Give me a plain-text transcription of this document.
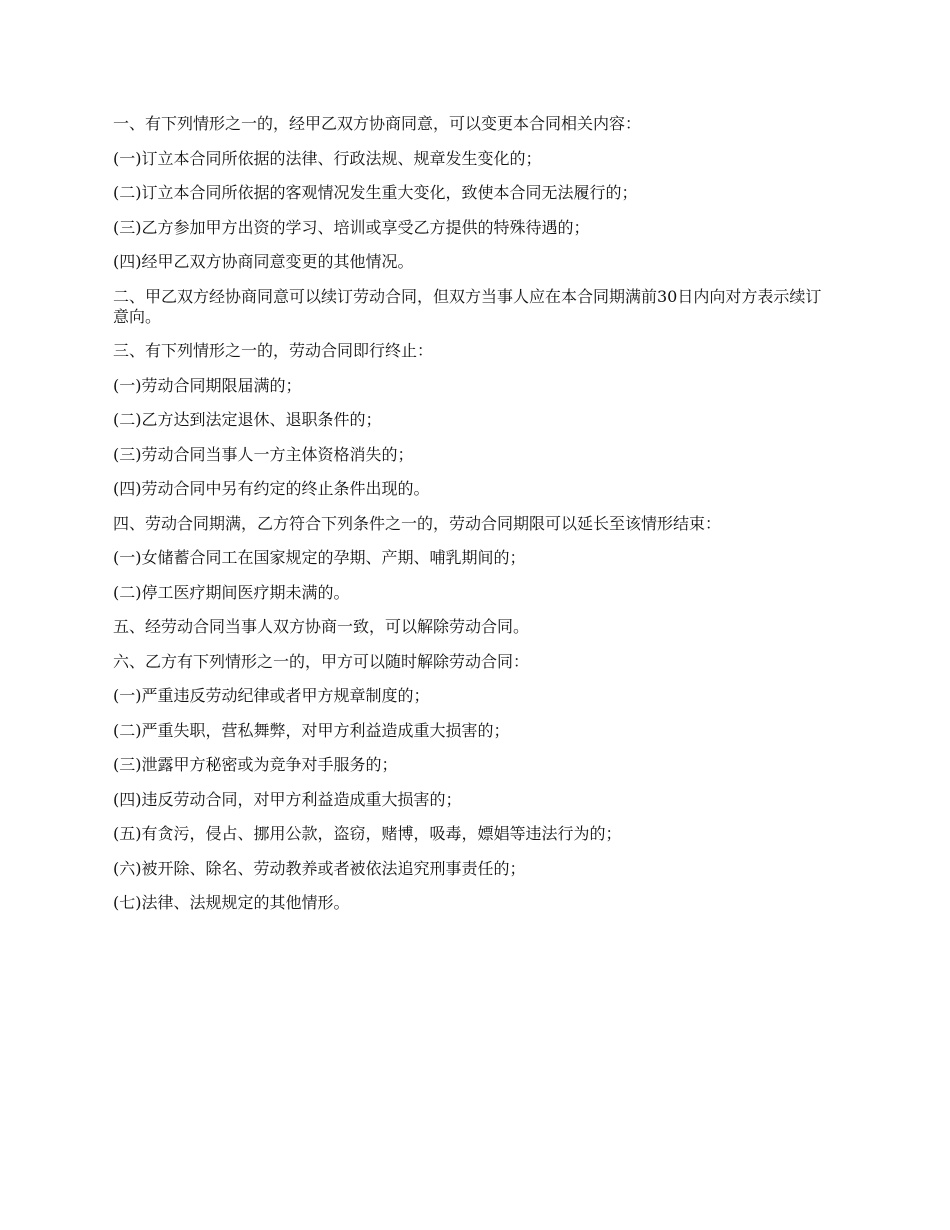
一、有下列情形之一的，经甲乙双方协商同意，可以变更本合同相关内容：

(一)订立本合同所依据的法律、行政法规、规章发生变化的；

(二)订立本合同所依据的客观情况发生重大变化，致使本合同无法履行的；

(三)乙方参加甲方出资的学习、培训或享受乙方提供的特殊待遇的；

(四)经甲乙双方协商同意变更的其他情况。

二、甲乙双方经协商同意可以续订劳动合同，但双方当事人应在本合同期满前30日内向对方表示续订意向。

三、有下列情形之一的，劳动合同即行终止：

(一)劳动合同期限届满的；

(二)乙方达到法定退休、退职条件的；

(三)劳动合同当事人一方主体资格消失的；

(四)劳动合同中另有约定的终止条件出现的。

四、劳动合同期满，乙方符合下列条件之一的，劳动合同期限可以延长至该情形结束：

(一)女储蓄合同工在国家规定的孕期、产期、哺乳期间的；

(二)停工医疗期间医疗期未满的。

五、经劳动合同当事人双方协商一致，可以解除劳动合同。

六、乙方有下列情形之一的，甲方可以随时解除劳动合同：

(一)严重违反劳动纪律或者甲方规章制度的；

(二)严重失职，营私舞弊，对甲方利益造成重大损害的；

(三)泄露甲方秘密或为竞争对手服务的；

(四)违反劳动合同，对甲方利益造成重大损害的；

(五)有贪污，侵占、挪用公款，盗窃，赌博，吸毒，嫖娼等违法行为的；

(六)被开除、除名、劳动教养或者被依法追究刑事责任的；

(七)法律、法规规定的其他情形。
